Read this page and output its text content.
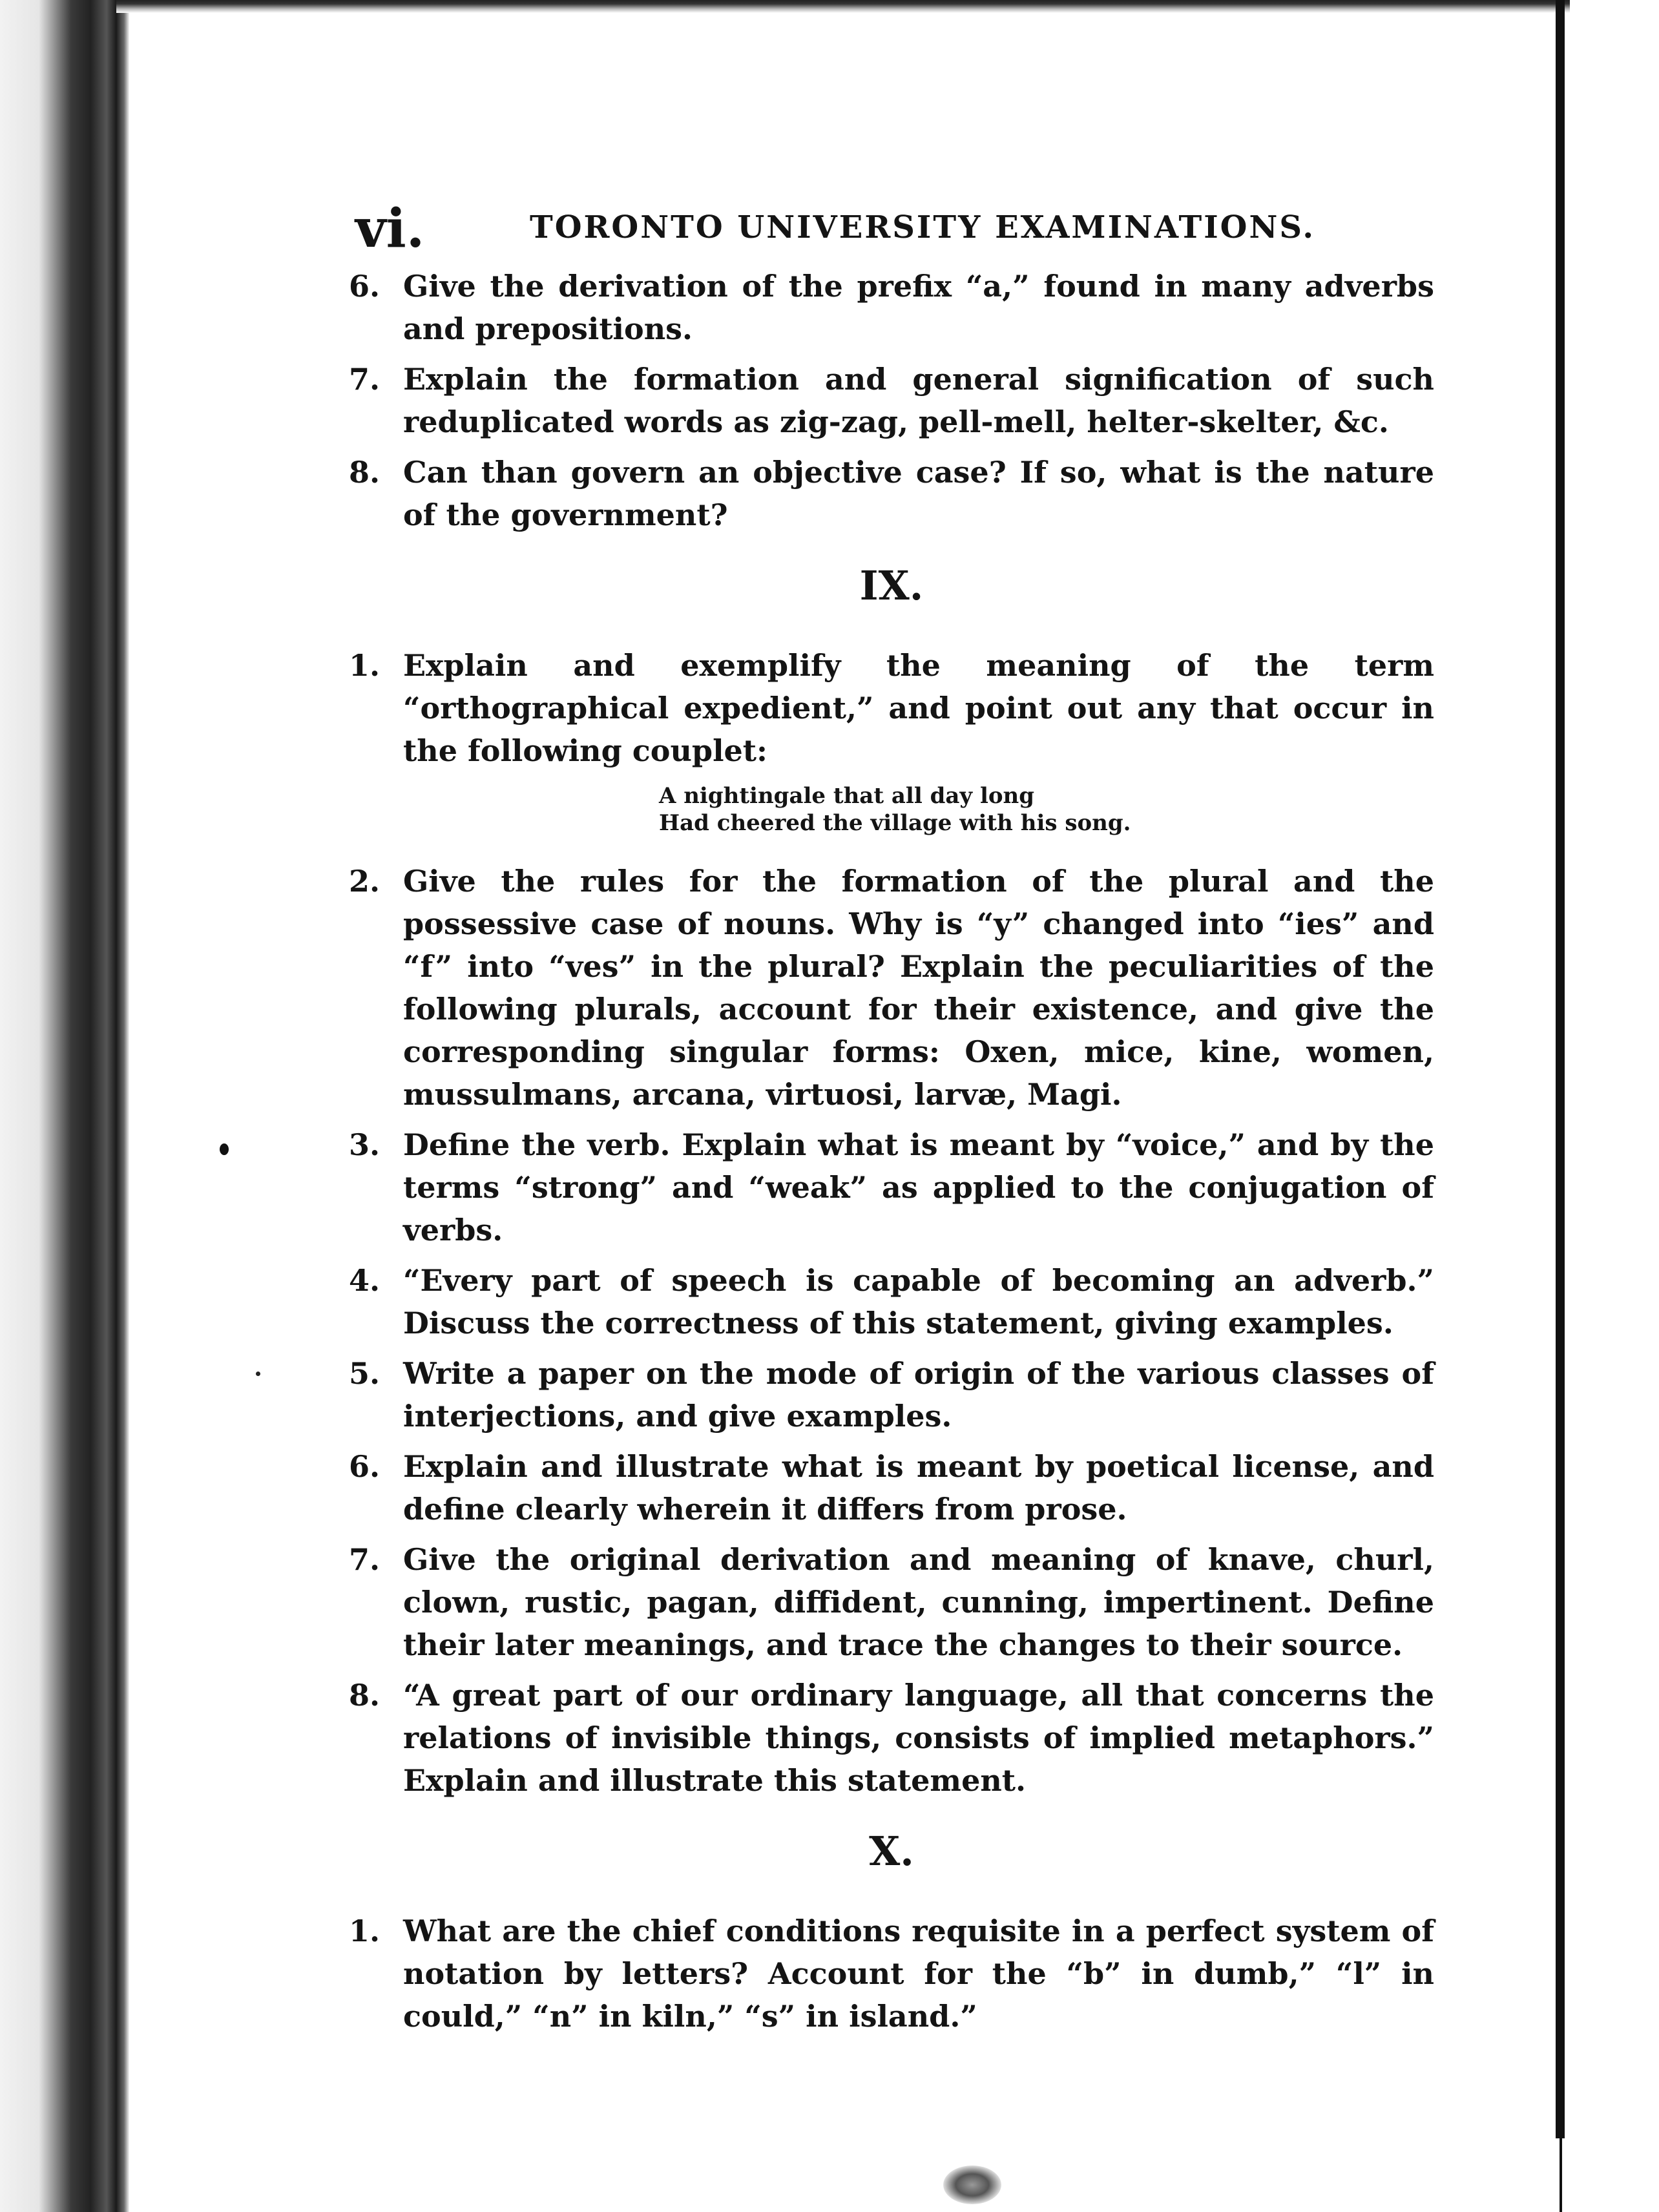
vi.	TORONTO UNIVERSITY EXAMINATIONS.
6. Give the derivation of the prefix “a,” found in many adverbs and prepositions.
7. Explain the formation and general signification of such reduplicated words as zig-zag, pell-mell, helter-skelter, &c.
8. Can than govern an objective case? If so, what is the nature of the government?
IX.
1. Explain and exemplify the meaning of the term “orthographical expedient,” and point out any that occur in the following couplet:
A nightingale that all day long
Had cheered the village with his song.
2. Give the rules for the formation of the plural and the possessive case of nouns. Why is “y” changed into “ies” and “f” into “ves” in the plural? Explain the peculiarities of the following plurals, account for their existence, and give the corresponding singular forms: Oxen, mice, kine, women, mussulmans, arcana, virtuosi, larvæ, Magi.
3. Define the verb. Explain what is meant by “voice,” and by the terms “strong” and “weak” as applied to the conjugation of verbs.
4. “Every part of speech is capable of becoming an adverb.” Discuss the correctness of this statement, giving examples.
5. Write a paper on the mode of origin of the various classes of interjections, and give examples.
6. Explain and illustrate what is meant by poetical license, and define clearly wherein it differs from prose.
7. Give the original derivation and meaning of knave, churl, clown, rustic, pagan, diffident, cunning, impertinent. Define their later meanings, and trace the changes to their source.
8. “A great part of our ordinary language, all that concerns the relations of invisible things, consists of implied metaphors.” Explain and illustrate this statement.
X.
1. What are the chief conditions requisite in a perfect system of notation by letters? Account for the “b” in dumb,” “l” in could,” “n” in kiln,” “s” in island.”
